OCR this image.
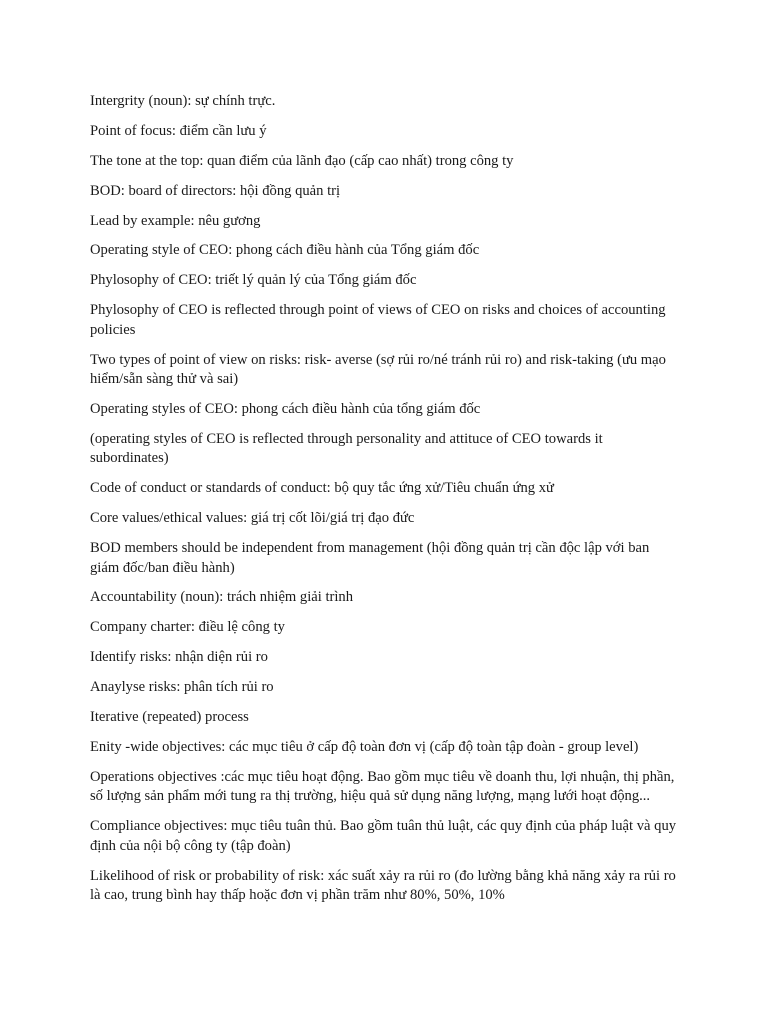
Intergrity (noun): sự chính trực.

Point of focus: điểm cần lưu ý

The tone at the top: quan điểm của lãnh đạo (cấp cao nhất) trong công ty

BOD: board of directors: hội đồng quản trị

Lead by example: nêu gương

Operating style of CEO: phong cách điều hành của Tổng giám đốc

Phylosophy of CEO: triết lý quản lý của Tổng giám đốc

Phylosophy of CEO is reflected through point of views of CEO on risks and choices of accounting policies

Two types of point of view on risks: risk- averse (sợ rủi ro/né tránh rủi ro) and risk-taking (ưu mạo hiểm/sẵn sàng thử và sai)

Operating styles of CEO: phong cách điều hành của tổng giám đốc

(operating styles of CEO is reflected through personality and attituce of CEO towards it subordinates)

Code of conduct or standards of conduct: bộ quy tắc ứng xử/Tiêu chuẩn ứng xử

Core values/ethical values: giá trị cốt lõi/giá trị đạo đức

BOD members should be independent from management (hội đồng quản trị cần độc lập với ban giám đốc/ban điều hành)

Accountability (noun): trách nhiệm giải trình

Company charter: điều lệ công ty

Identify risks: nhận diện rủi ro

Anaylyse risks: phân tích rủi ro

Iterative (repeated) process

Enity -wide objectives: các mục tiêu ở cấp độ toàn đơn vị (cấp độ toàn tập đoàn - group level)

Operations objectives :các mục tiêu hoạt động. Bao gồm mục tiêu về doanh thu, lợi nhuận, thị phần, số lượng sản phẩm mới tung ra thị trường, hiệu quả sử dụng năng lượng, mạng lưới hoạt động...

Compliance objectives: mục tiêu tuân thủ. Bao gồm tuân thủ luật, các quy định của pháp luật và quy định của nội bộ công ty (tập đoàn)

Likelihood of risk or probability of risk: xác suất xảy ra rủi ro (đo lường bằng khả năng xảy ra rủi ro là cao, trung bình hay thấp hoặc đơn vị phần trăm như 80%, 50%, 10%
